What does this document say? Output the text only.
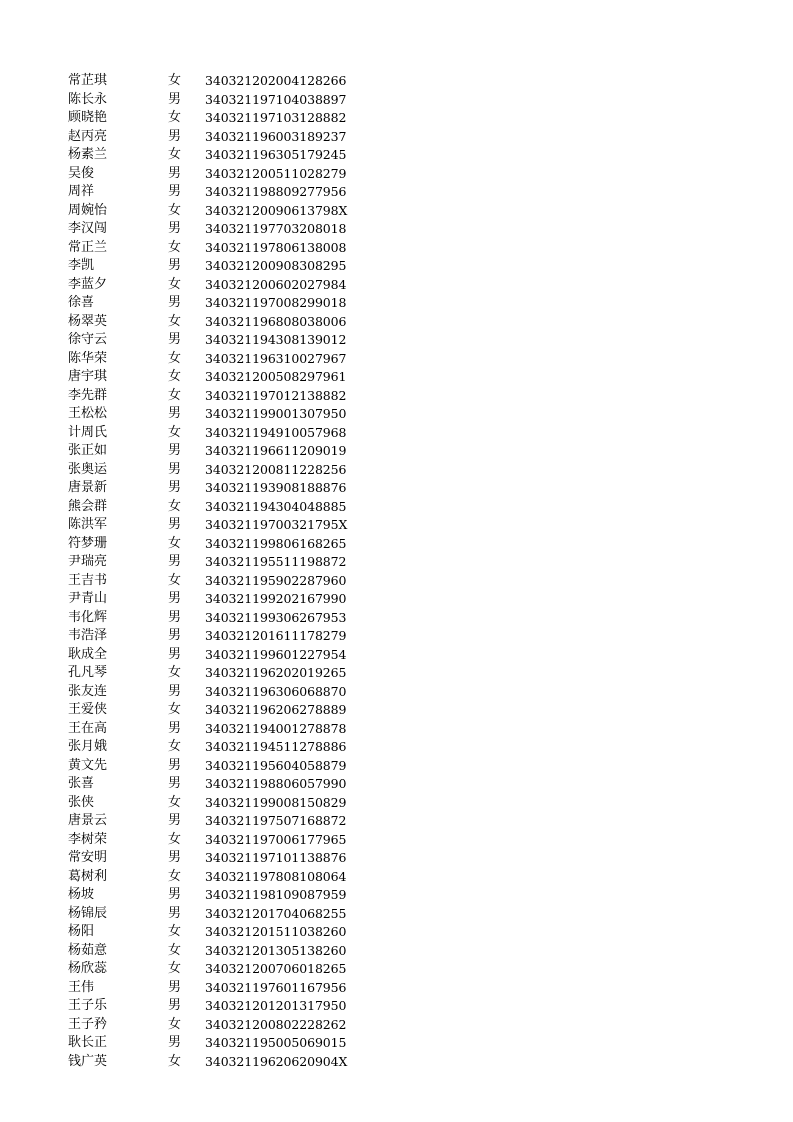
常芷琪	女 340321202004128266
陈长永	男 340321197104038897
顾晓艳	女 340321197103128882
赵丙亮	男 340321196003189237
杨素兰	女 340321196305179245
吴俊	男 340321200511028279
周祥	男 340321198809277956
周婉怡	女 34032120090613798X
李汉闯	男 340321197703208018
常正兰	女 340321197806138008
李凯	男 340321200908308295
李蓝夕	女 340321200602027984
徐喜	男 340321197008299018
杨翠英	女 340321196808038006
徐守云	男 340321194308139012
陈华荣	女 340321196310027967
唐宇琪	女 340321200508297961
李先群	女 340321197012138882
王松松	男 340321199001307950
计周氏	女 340321194910057968
张正如	男 340321196611209019
张奥运	男 340321200811228256
唐景新	男 340321193908188876
熊会群	女 340321194304048885
陈洪军	男 34032119700321795X
符梦珊	女 340321199806168265
尹瑞亮	男 340321195511198872
王吉书	女 340321195902287960
尹青山	男 340321199202167990
韦化辉	男 340321199306267953
韦浩泽	男 340321201611178279
耿成全	男 340321199601227954
孔凡琴	女 340321196202019265
张友连	男 340321196306068870
王爱侠	女 340321196206278889
王在高	男 340321194001278878
张月娥	女 340321194511278886
黄文先	男 340321195604058879
张喜	男 340321198806057990
张侠	女 340321199008150829
唐景云	男 340321197507168872
李树荣	女 340321197006177965
常安明	男 340321197101138876
葛树利	女 340321197808108064
杨坡	男 340321198109087959
杨锦辰	男 340321201704068255
杨阳	女 340321201511038260
杨茹意	女 340321201305138260
杨欣蕊	女 340321200706018265
王伟	男 340321197601167956
王子乐	男 340321201201317950
王子矜	女 340321200802228262
耿长正	男 340321195005069015
钱广英	女 34032119620620904X
